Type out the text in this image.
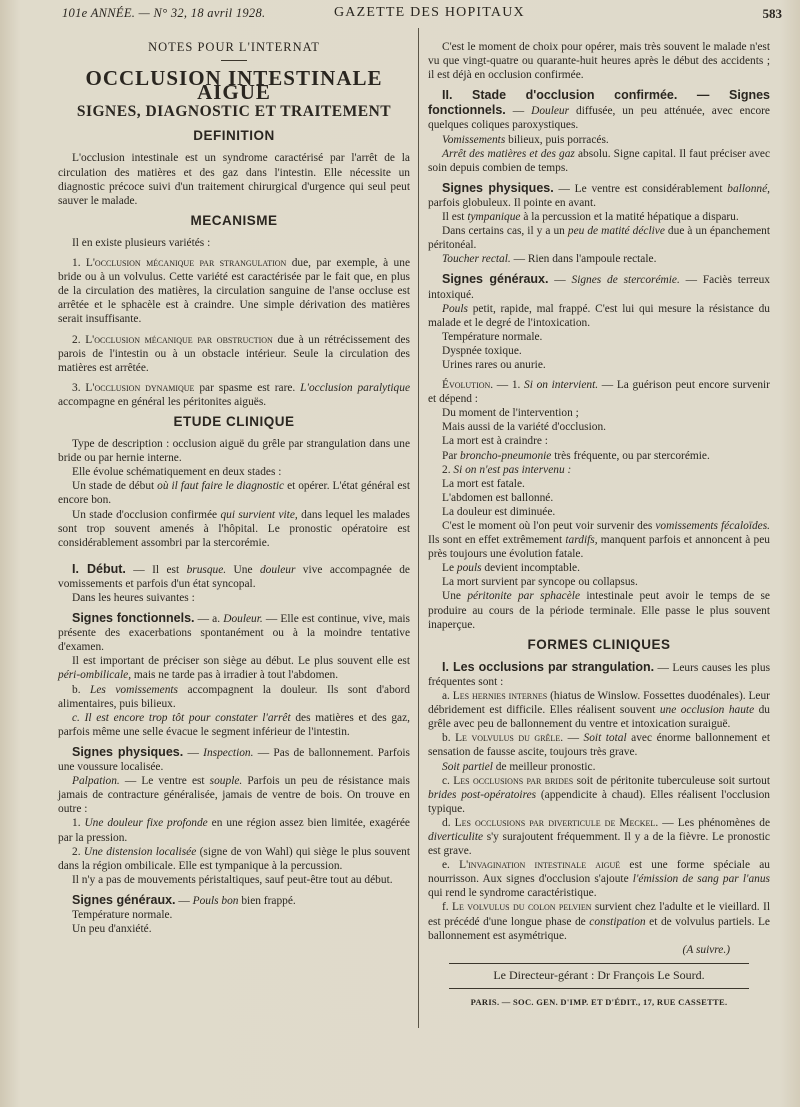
101e ANNÉE. — N° 32, 18 avril 1928.	GAZETTE DES HOPITAUX	583

NOTES POUR L'INTERNAT

OCCLUSION INTESTINALE AIGUE

SIGNES, DIAGNOSTIC ET TRAITEMENT

DEFINITION

L'occlusion intestinale est un syndrome caractérisé par l'arrêt de la circulation des matières et des gaz dans l'intestin. Elle nécessite un diagnostic précoce suivi d'un traitement chirurgical d'urgence qui seul peut sauver le malade.

MECANISME

Il en existe plusieurs variétés :

1. L'occlusion mécanique par strangulation due, par exemple, à une bride ou à un volvulus. Cette variété est caractérisée par le fait que, en plus de la circulation des matières, la circulation sanguine de l'anse occluse est arrêtée et le sphacèle est à craindre. Une simple dérivation des matières serait insuffisante.

2. L'occlusion mécanique par obstruction due à un rétrécissement des parois de l'intestin ou à un obstacle intérieur. Seule la circulation des matières est arrêtée.

3. L'occlusion dynamique par spasme est rare. L'occlusion paralytique accompagne en général les péritonites aiguës.

ETUDE CLINIQUE

Type de description : occlusion aiguë du grêle par strangulation dans une bride ou par hernie interne.

Elle évolue schématiquement en deux stades :

Un stade de début où il faut faire le diagnostic et opérer. L'état général est encore bon.

Un stade d'occlusion confirmée qui survient vite, dans lequel les malades sont trop souvent amenés à l'hôpital. Le pronostic opératoire est considérablement assombri par la stercorémie.

I. Début. — Il est brusque. Une douleur vive accompagnée de vomissements et parfois d'un état syncopal.

Dans les heures suivantes :

Signes fonctionnels. — a. Douleur. — Elle est continue, vive, mais présente des exacerbations spontanément ou à la moindre tentative d'examen.

Il est important de préciser son siège au début. Le plus souvent elle est péri-ombilicale, mais ne tarde pas à irradier à tout l'abdomen.

b. Les vomissements accompagnent la douleur. Ils sont d'abord alimentaires, puis bilieux.

c. Il est encore trop tôt pour constater l'arrêt des matières et des gaz, parfois même une selle évacue le segment inférieur de l'intestin.

Signes physiques. — Inspection. — Pas de ballonnement. Parfois une voussure localisée.

Palpation. — Le ventre est souple. Parfois un peu de résistance mais jamais de contracture généralisée, jamais de ventre de bois. On trouve en outre :

1. Une douleur fixe profonde en une région assez bien limitée, exagérée par la pression.

2. Une distension localisée (signe de von Wahl) qui siège le plus souvent dans la région ombilicale. Elle est tympanique à la percussion.

Il n'y a pas de mouvements péristaltiques, sauf peut-être tout au début.

Signes généraux. — Pouls bon bien frappé.

Température normale.

Un peu d'anxiété.

C'est le moment de choix pour opérer, mais très souvent le malade n'est vu que vingt-quatre ou quarante-huit heures après le début des accidents ; il est déjà en occlusion confirmée.

II. Stade d'occlusion confirmée. — Signes fonctionnels. — Douleur diffusée, un peu atténuée, avec encore quelques coliques paroxystiques.

Vomissements bilieux, puis porracés.

Arrêt des matières et des gaz absolu. Signe capital. Il faut préciser avec soin depuis combien de temps.

Signes physiques. — Le ventre est considérablement ballonné, parfois globuleux. Il pointe en avant.

Il est tympanique à la percussion et la matité hépatique a disparu.

Dans certains cas, il y a un peu de matité déclive due à un épanchement péritonéal.

Toucher rectal. — Rien dans l'ampoule rectale.

Signes généraux. — Signes de stercorémie. — Faciès terreux intoxiqué.

Pouls petit, rapide, mal frappé. C'est lui qui mesure la résistance du malade et le degré de l'intoxication.

Température normale.

Dyspnée toxique.

Urines rares ou anurie.

Évolution. — 1. Si on intervient. — La guérison peut encore survenir et dépend :

Du moment de l'intervention ;

Mais aussi de la variété d'occlusion.

La mort est à craindre :

Par broncho-pneumonie très fréquente, ou par stercorémie.

2. Si on n'est pas intervenu :

La mort est fatale.

L'abdomen est ballonné.

La douleur est diminuée.

C'est le moment où l'on peut voir survenir des vomissements fécaloïdes. Ils sont en effet extrêmement tardifs, manquent parfois et annoncent à peu près toujours une évolution fatale.

Le pouls devient incomptable.

La mort survient par syncope ou collapsus.

Une péritonite par sphacèle intestinale peut avoir le temps de se produire au cours de la période terminale. Elle passe le plus souvent inaperçue.

FORMES CLINIQUES

I. Les occlusions par strangulation. — Leurs causes les plus fréquentes sont :

a. Les hernies internes (hiatus de Winslow. Fossettes duodénales). Leur débridement est difficile. Elles réalisent souvent une occlusion haute du grêle avec peu de ballonnement du ventre et intoxication suraiguë.

b. Le volvulus du grêle. — Soit total avec énorme ballonnement et sensation de fausse ascite, toujours très grave.

Soit partiel de meilleur pronostic.

c. Les occlusions par brides soit de péritonite tuberculeuse soit surtout brides post-opératoires (appendicite à chaud). Elles réalisent l'occlusion typique.

d. Les occlusions par diverticule de Meckel. — Les phénomènes de diverticulite s'y surajoutent fréquemment. Il y a de la fièvre. Le pronostic est grave.

e. L'invagination intestinale aiguë est une forme spéciale au nourrisson. Aux signes d'occlusion s'ajoute l'émission de sang par l'anus qui rend le syndrome caractéristique.

f. Le volvulus du colon pelvien survient chez l'adulte et le vieillard. Il est précédé d'une longue phase de constipation et de volvulus partiels. Le ballonnement est asymétrique.

(A suivre.)

Le Directeur-gérant : Dr François Le Sourd.

PARIS. — SOC. GEN. D'IMP. ET D'ÉDIT., 17, RUE CASSETTE.
